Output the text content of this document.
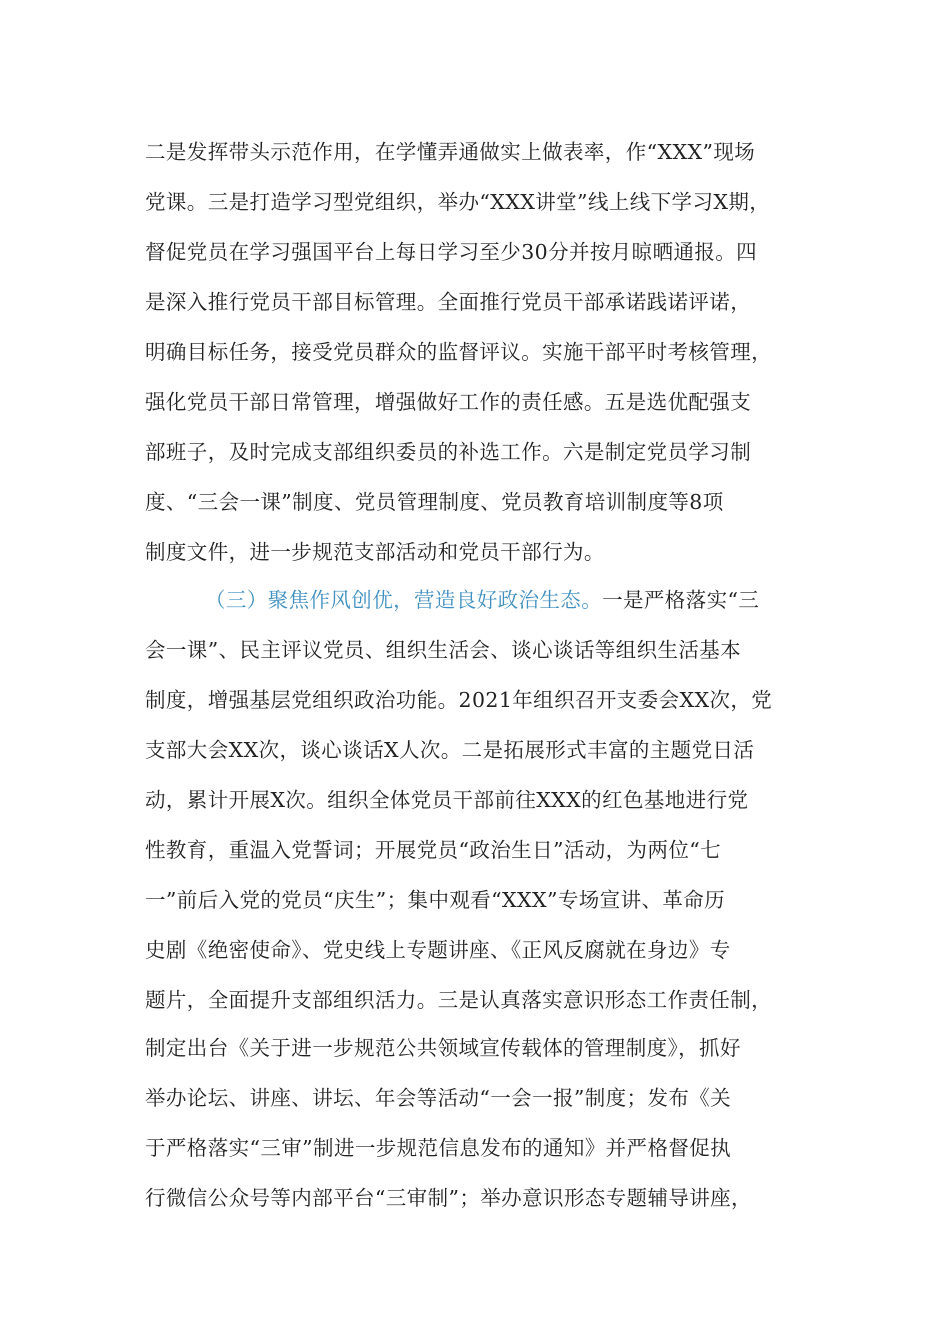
二是发挥带头示范作用，在学懂弄通做实上做表率，作“XXX”现场
党课。三是打造学习型党组织，举办“XXX讲堂”线上线下学习X期，
督促党员在学习强国平台上每日学习至少30分并按月晾晒通报。四
是深入推行党员干部目标管理。全面推行党员干部承诺践诺评诺，
明确目标任务，接受党员群众的监督评议。实施干部平时考核管理，
强化党员干部日常管理，增强做好工作的责任感。五是选优配强支
部班子，及时完成支部组织委员的补选工作。六是制定党员学习制
度、“三会一课”制度、党员管理制度、党员教育培训制度等8项
制度文件，进一步规范支部活动和党员干部行为。
（三）聚焦作风创优，营造良好政治生态。一是严格落实“三
会一课”、民主评议党员、组织生活会、谈心谈话等组织生活基本
制度，增强基层党组织政治功能。2021年组织召开支委会XX次，党
支部大会XX次，谈心谈话X人次。二是拓展形式丰富的主题党日活
动，累计开展X次。组织全体党员干部前往XXX的红色基地进行党
性教育，重温入党誓词；开展党员“政治生日”活动，为两位“七
一”前后入党的党员“庆生”；集中观看“XXX”专场宣讲、革命历
史剧《绝密使命》、党史线上专题讲座、《正风反腐就在身边》专
题片，全面提升支部组织活力。三是认真落实意识形态工作责任制，
制定出台《关于进一步规范公共领域宣传载体的管理制度》，抓好
举办论坛、讲座、讲坛、年会等活动“一会一报”制度；发布《关
于严格落实“三审”制进一步规范信息发布的通知》并严格督促执
行微信公众号等内部平台“三审制”；举办意识形态专题辅导讲座，
